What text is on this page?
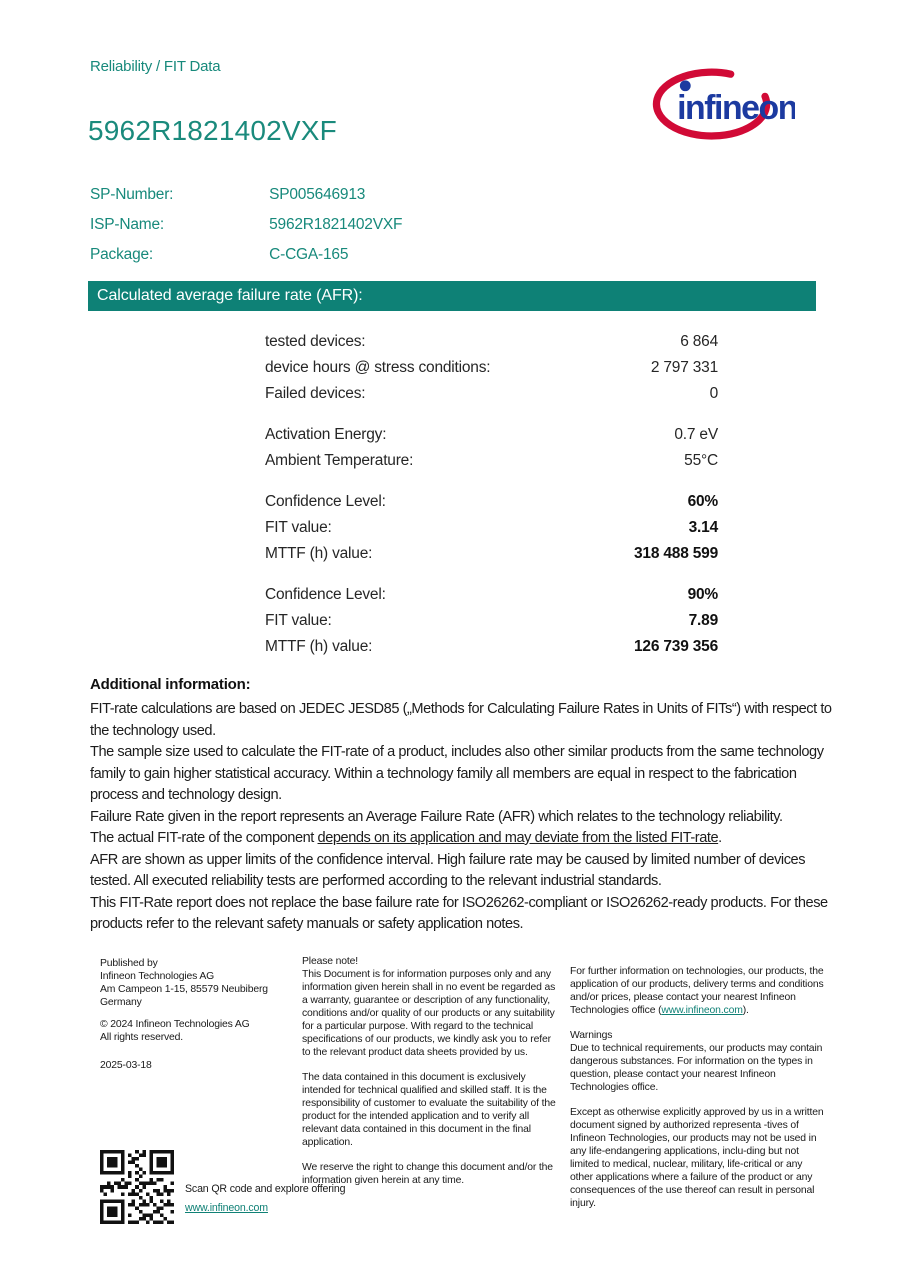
Reliability / FIT Data
infineon
5962R1821402VXF
SP-Number:	SP005646913
ISP-Name:	5962R1821402VXF
Package:	C-CGA-165
Calculated average failure rate (AFR):
tested devices:	6 864
device hours @ stress conditions:	2 797 331
Failed devices:	0
Activation Energy:	0.7 eV
Ambient Temperature:	55°C
Confidence Level:	60%
FIT value:	3.14
MTTF (h) value:	318 488 599
Confidence Level:	90%
FIT value:	7.89
MTTF (h) value:	126 739 356
Additional information:

FIT-rate calculations are based on JEDEC JESD85 („Methods for Calculating Failure Rates in Units of FITs“) with respect to the technology used.

The sample size used to calculate the FIT-rate of a product, includes also other similar products from the same technology family to gain higher statistical accuracy. Within a technology family all members are equal in respect to the fabrication process and technology design.

Failure Rate given in the report represents an Average Failure Rate (AFR) which relates to the technology reliability.

The actual FIT-rate of the component depends on its application and may deviate from the listed FIT-rate.

AFR are shown as upper limits of the confidence interval. High failure rate may be caused by limited number of devices tested. All executed reliability tests are performed according to the relevant industrial standards.

This FIT-Rate report does not replace the base failure rate for ISO26262-compliant or ISO26262-ready products. For these products refer to the relevant safety manuals or safety application notes.

Published by
Infineon Technologies AG
Am Campeon 1-15, 85579 Neubiberg
Germany
© 2024 Infineon Technologies AG
All rights reserved.
2025-03-18

Please note!
This Document is for information purposes only and any information given herein shall in no event be regarded as a warranty, guarantee or description of any functionality, conditions and/or quality of our products or any suitability for a particular purpose. With regard to the technical specifications of our products, we kindly ask you to refer to the relevant product data sheets provided by us.

The data contained in this document is exclusively intended for technical qualified and skilled staff. It is the responsibility of customer to evaluate the suitability of the product for the intended application and to verify all relevant data contained in this document in the final application.

We reserve the right to change this document and/or the information given herein at any time.

For further information on technologies, our products, the application of our products, delivery terms and conditions and/or prices, please contact your nearest Infineon Technologies office (www.infineon.com).

Warnings
Due to technical requirements, our products may contain dangerous substances. For information on the types in question, please contact your nearest Infineon Technologies office.

Except as otherwise explicitly approved by us in a written document signed by authorized representa -tives of Infineon Technologies, our products may not be used in any life-endangering applications, inclu-ding but not limited to medical, nuclear, military, life-critical or any other applications where a failure of the product or any consequences of the use thereof can result in personal injury.

Scan QR code and explore offering
www.infineon.com
